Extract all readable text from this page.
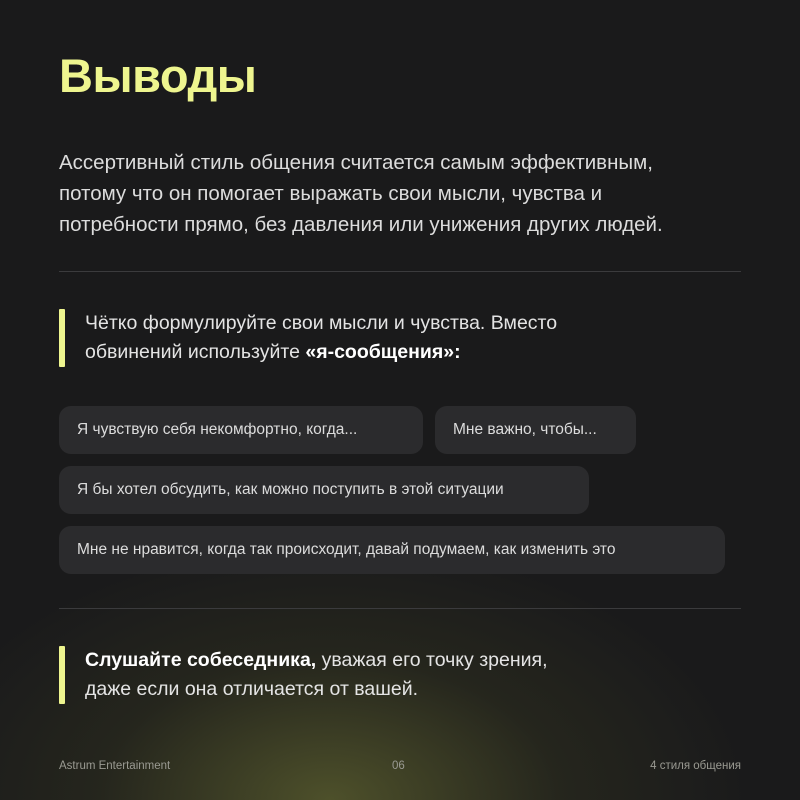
Выводы
Ассертивный стиль общения считается самым эффективным,
потому что он помогает выражать свои мысли, чувства и
потребности прямо, без давления или унижения других людей.
Чётко формулируйте свои мысли и чувства. Вместо
обвинений используйте «я-сообщения»:
Я чувствую себя некомфортно, когда...	Мне важно, чтобы...
Я бы хотел обсудить, как можно поступить в этой ситуации
Мне не нравится, когда так происходит, давай подумаем, как изменить это
Слушайте собеседника, уважая его точку зрения,
даже если она отличается от вашей.
Astrum Entertainment	06	4 стиля общения
